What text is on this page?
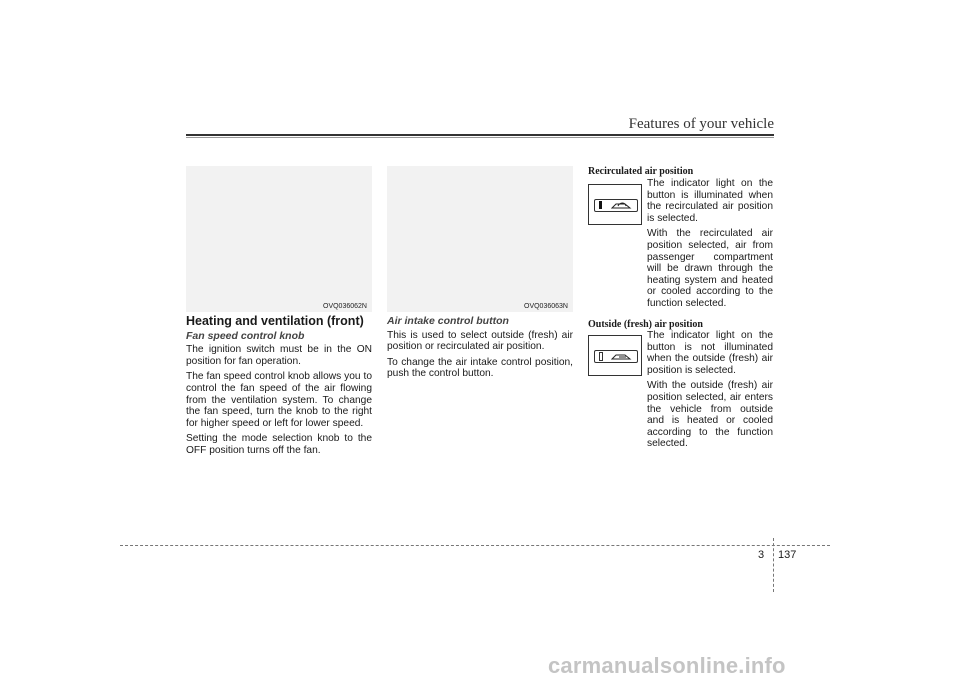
Features of your vehicle
OVQ036062N	OVQ036063N
Heating and ventilation (front)
Fan speed control knob

The ignition switch must be in the ON position for fan operation.

The fan speed control knob allows you to control the fan speed of the air flowing from the ventilation system. To change the fan speed, turn the knob to the right for higher speed or left for lower speed.

Setting the mode selection knob to the OFF position turns off the fan.

Air intake control button

This is used to select outside (fresh) air position or recirculated air position.

To change the air intake control position, push the control button.

Recirculated air position

The indicator light on the button is illuminated when the recirculated air position is selected.

With the recirculated air position selected, air from passenger compartment will be drawn through the heating system and heated or cooled according to the function selected.

Outside (fresh) air position

The indicator light on the button is not illuminated when the outside (fresh) air position is selected.

With the outside (fresh) air position selected, air enters the vehicle from outside and is heated or cooled according to the function selected.

3 137
carmanualsonline.info
